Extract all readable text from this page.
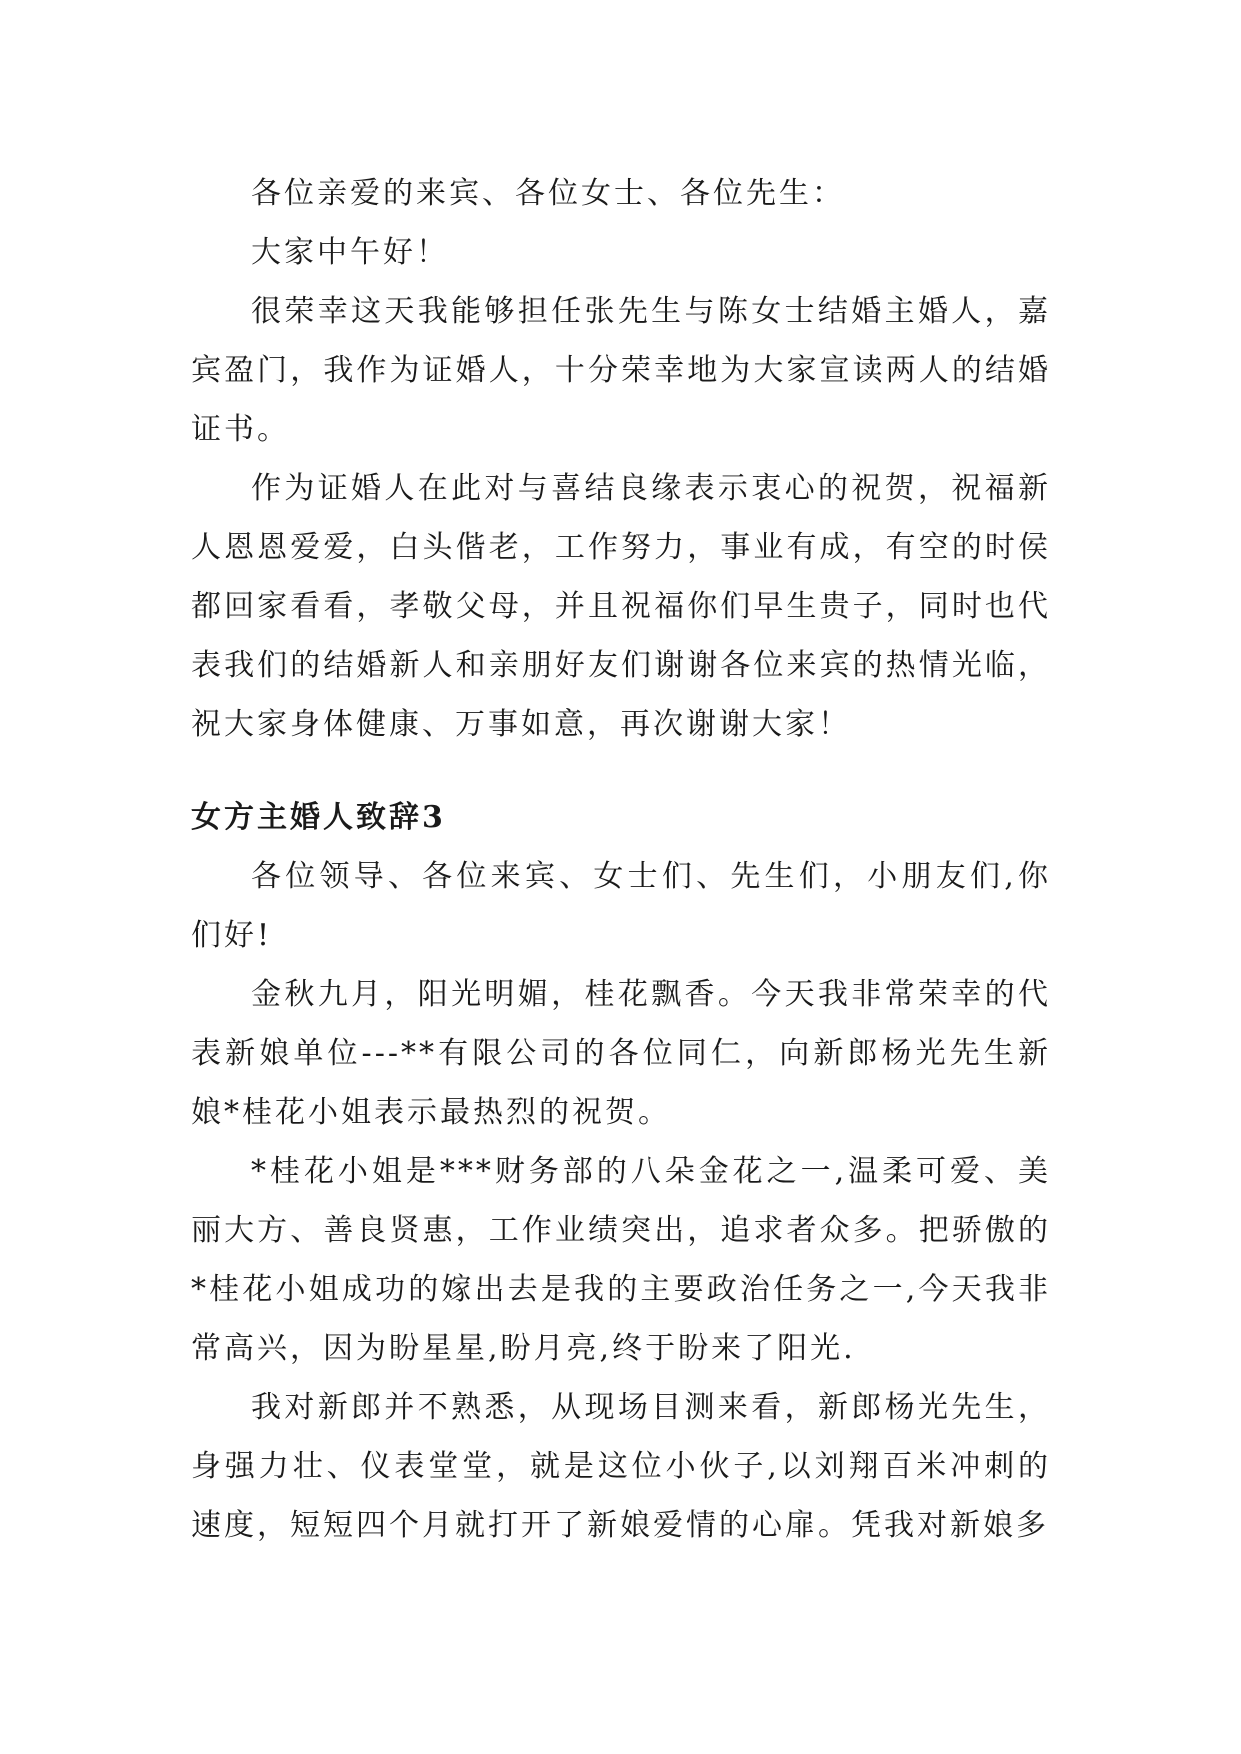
各位亲爱的来宾、各位女士、各位先生：

大家中午好！

很荣幸这天我能够担任张先生与陈女士结婚主婚人，嘉宾盈门，我作为证婚人，十分荣幸地为大家宣读两人的结婚证书。

作为证婚人在此对与喜结良缘表示衷心的祝贺，祝福新人恩恩爱爱，白头偕老，工作努力，事业有成，有空的时侯都回家看看，孝敬父母，并且祝福你们早生贵子，同时也代表我们的结婚新人和亲朋好友们谢谢各位来宾的热情光临，祝大家身体健康、万事如意，再次谢谢大家！

女方主婚人致辞3

各位领导、各位来宾、女士们、先生们，小朋友们,你们好!

金秋九月，阳光明媚，桂花飘香。今天我非常荣幸的代表新娘单位---**有限公司的各位同仁，向新郎杨光先生新娘*桂花小姐表示最热烈的祝贺。

*桂花小姐是***财务部的八朵金花之一,温柔可爱、美丽大方、善良贤惠，工作业绩突出，追求者众多。把骄傲的*桂花小姐成功的嫁出去是我的主要政治任务之一,今天我非常高兴，因为盼星星,盼月亮,终于盼来了阳光.

我对新郎并不熟悉，从现场目测来看，新郎杨光先生，身强力壮、仪表堂堂，就是这位小伙子,以刘翔百米冲刺的速度，短短四个月就打开了新娘爱情的心扉。凭我对新娘多
